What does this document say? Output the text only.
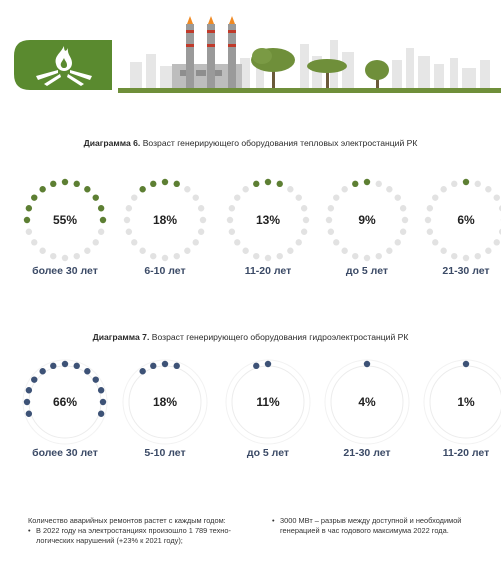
Диаграмма 6. Возраст генерирующего оборудования тепловых электростанций РК
55%
более 30 лет
18%
6-10 лет
13%
11-20 лет
9%
до 5 лет
6%
21-30 лет
Диаграмма 7. Возраст генерирующего оборудования гидроэлектростанций РК
66%
более 30 лет
18%
5-10 лет
11%
до 5 лет
4%
21-30 лет
1%
11-20 лет
Количество аварийных ремонтов растет с каждым годом:
• В 2022 году на электростанциях произошло 1 789 техно-логических нарушений (+23% к 2021 году);
• 3000 МВт – разрыв между доступной и необходимой генерацией в час годового максимума 2022 года.
